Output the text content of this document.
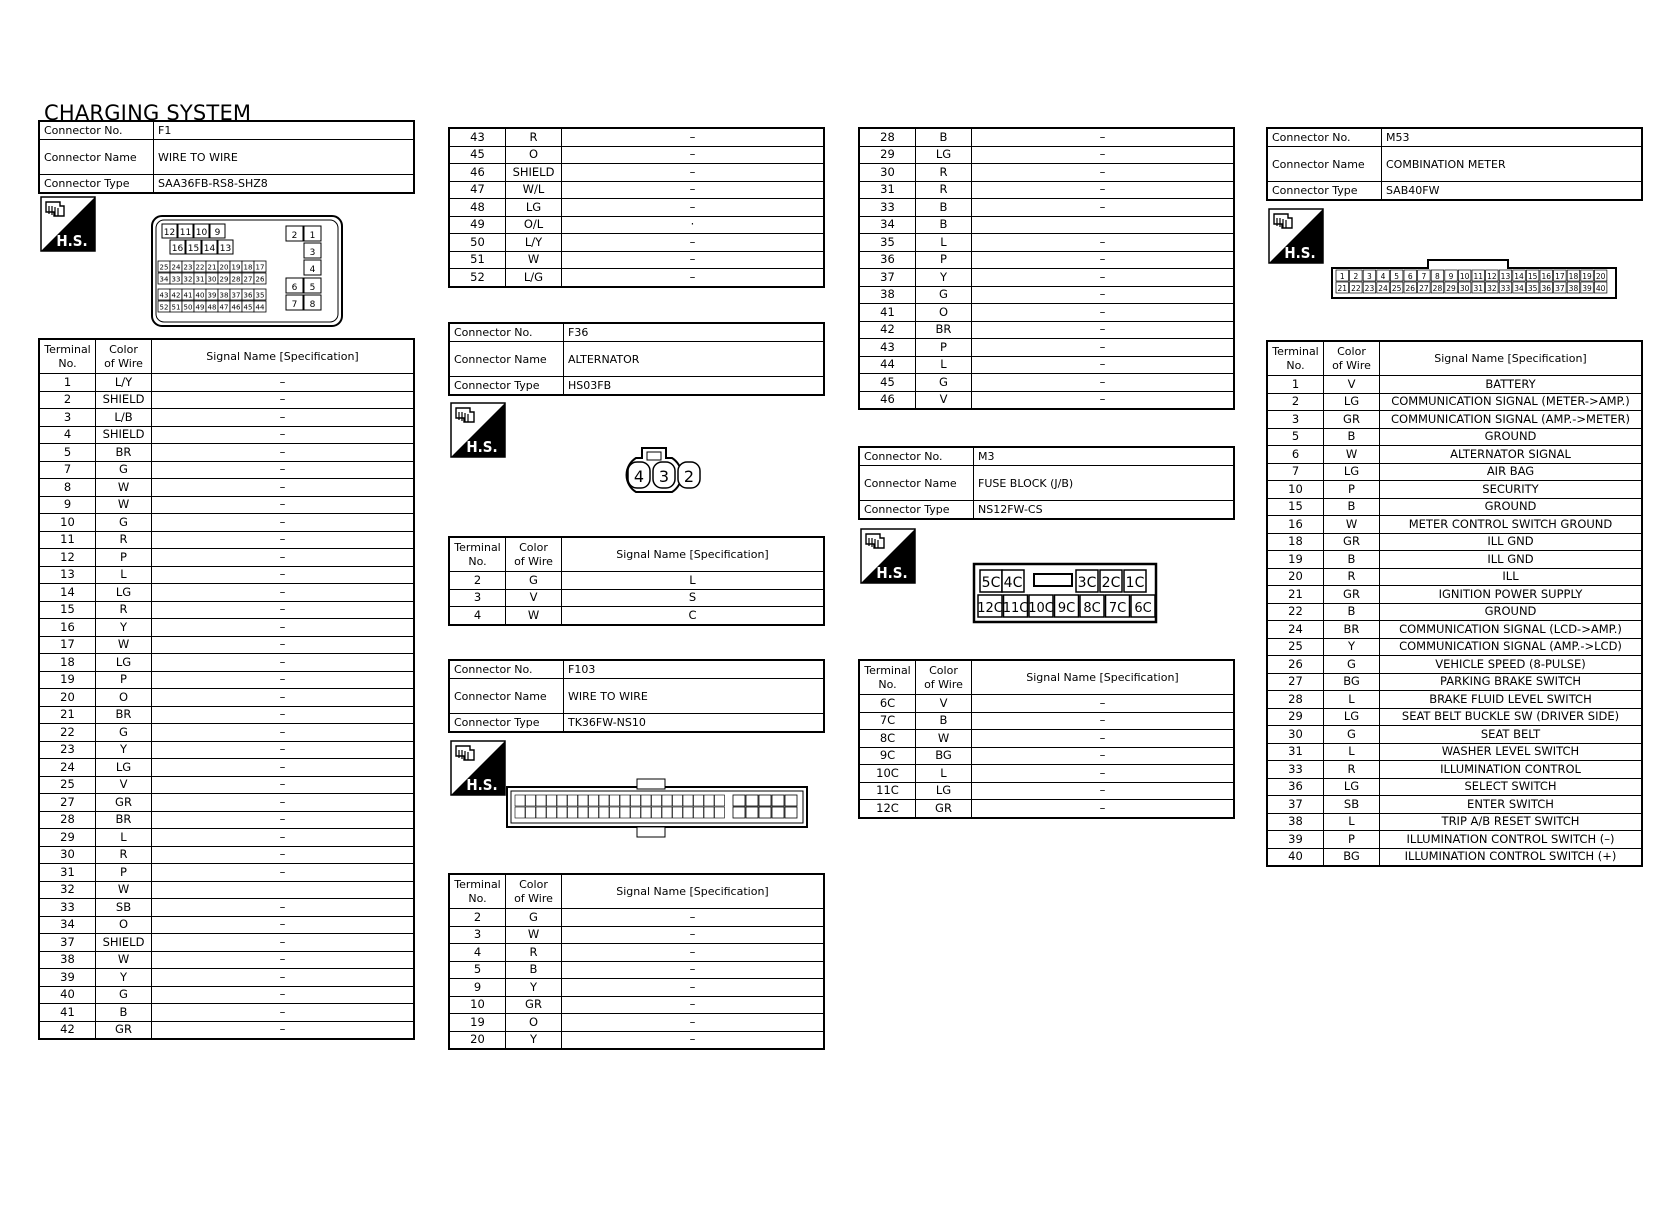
CHARGING SYSTEM
Connector No.	F1
Connector Name	WIRE TO WIRE
Connector Type	SAA36FB-RS8-SHZ8
H.S.	12 11 10 9
16 15 14 13
2 1
3
4
6 5
7 8
25 24 23 22 21 20 19 18 17
34 33 32 31 30 29 28 27 26
43 42 41 40 39 38 37 36 35
52 51 50 49 48 47 46 45 44
Terminal
No.	Color
of Wire	Signal Name [Specification]
1	L/Y	–
2	SHIELD	–
3	L/B	–
4	SHIELD	–
5	BR	–
7	G	–
8	W	–
9	W	–
10	G	–
11	R	–
12	P	–
13	L	–
14	LG	–
15	R	–
16	Y	–
17	W	–
18	LG	–
19	P	–
20	O	–
21	BR	–
22	G	–
23	Y	–
24	LG	–
25	V	–
27	GR	–
28	BR	–
29	L	–
30	R	–
31	P	–
32	W	
33	SB	–
34	O	–
37	SHIELD	–
38	W	–
39	Y	–
40	G	–
41	B	–
42	GR	–
43	R	–
45	O	–
46	SHIELD	–
47	W/L	–
48	LG	–
49	O/L	·
50	L/Y	–
51	W	–
52	L/G	–
Connector No.	F36
Connector Name	ALTERNATOR
Connector Type	HS03FB
H.S.
4 3 2
Terminal
No.	Color
of Wire	Signal Name [Specification]
2	G	L
3	V	S
4	W	C
Connector No.	F103
Connector Name	WIRE TO WIRE
Connector Type	TK36FW-NS10
H.S.
Terminal
No.	Color
of Wire	Signal Name [Specification]
2	G	–
3	W	–
4	R	–
5	B	–
9	Y	–
10	GR	–
19	O	–
20	Y	–
28	B	–
29	LG	–
30	R	–
31	R	–
33	B	–
34	B	
35	L	–
36	P	–
37	Y	–
38	G	–
41	O	–
42	BR	–
43	P	–
44	L	–
45	G	–
46	V	–
Connector No.	M3
Connector Name	FUSE BLOCK (J/B)
Connector Type	NS12FW-CS
H.S.
5C 4C	3C 2C 1C
12C 11C 10C 9C 8C 7C 6C
Terminal
No.	Color
of Wire	Signal Name [Specification]
6C	V	–
7C	B	–
8C	W	–
9C	BG	–
10C	L	–
11C	LG	–
12C	GR	–
Connector No.	M53
Connector Name	COMBINATION METER
Connector Type	SAB40FW
H.S.
1 2 3 4 5 6 7 8 9 10 11 12 13 14 15 16 17 18 19 20
21 22 23 24 25 26 27 28 29 30 31 32 33 34 35 36 37 38 39 40
Terminal
No.	Color
of Wire	Signal Name [Specification]
1	V	BATTERY
2	LG	COMMUNICATION SIGNAL (METER->AMP.)
3	GR	COMMUNICATION SIGNAL (AMP.->METER)
5	B	GROUND
6	W	ALTERNATOR SIGNAL
7	LG	AIR BAG
10	P	SECURITY
15	B	GROUND
16	W	METER CONTROL SWITCH GROUND
18	GR	ILL GND
19	B	ILL GND
20	R	ILL
21	GR	IGNITION POWER SUPPLY
22	B	GROUND
24	BR	COMMUNICATION SIGNAL (LCD->AMP.)
25	Y	COMMUNICATION SIGNAL (AMP.->LCD)
26	G	VEHICLE SPEED (8-PULSE)
27	BG	PARKING BRAKE SWITCH
28	L	BRAKE FLUID LEVEL SWITCH
29	LG	SEAT BELT BUCKLE SW (DRIVER SIDE)
30	G	SEAT BELT
31	L	WASHER LEVEL SWITCH
33	R	ILLUMINATION CONTROL
36	LG	SELECT SWITCH
37	SB	ENTER SWITCH
38	L	TRIP A/B RESET SWITCH
39	P	ILLUMINATION CONTROL SWITCH (–)
40	BG	ILLUMINATION CONTROL SWITCH (+)
